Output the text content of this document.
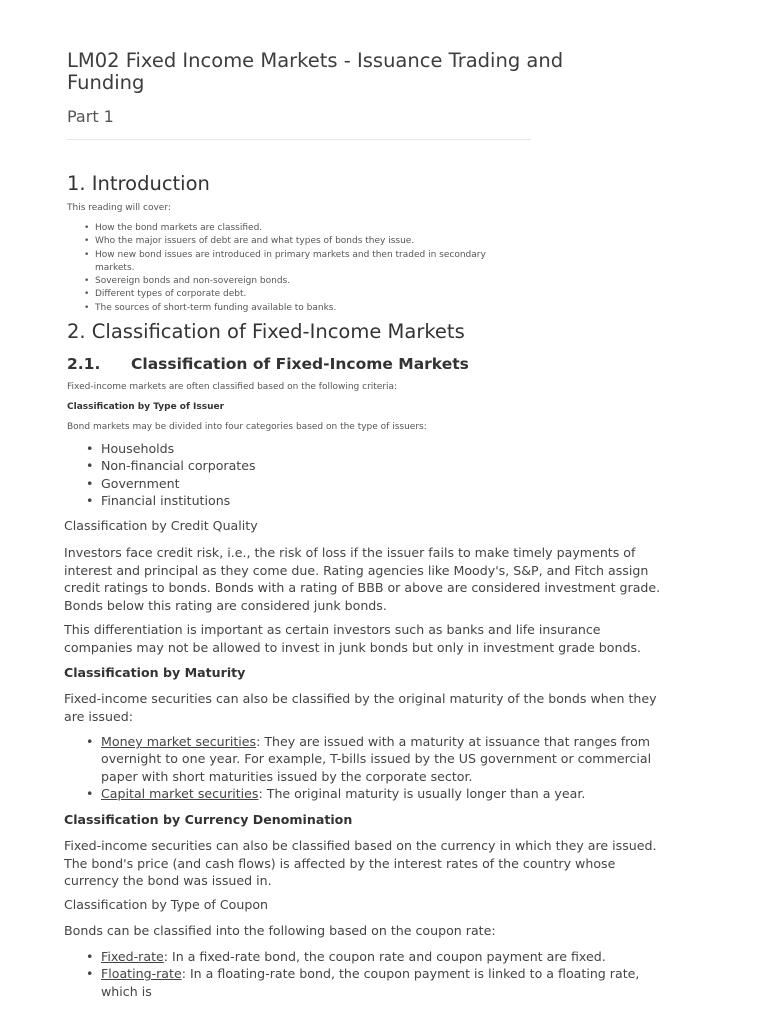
LM02 Fixed Income Markets - Issuance Trading and Funding
Part 1
1. Introduction

This reading will cover:

• How the bond markets are classified.
• Who the major issuers of debt are and what types of bonds they issue.
• How new bond issues are introduced in primary markets and then traded in secondary markets.
• Sovereign bonds and non-sovereign bonds.
• Different types of corporate debt.
• The sources of short-term funding available to banks.
2. Classification of Fixed-Income Markets
2.1. Classification of Fixed-Income Markets

Fixed-income markets are often classified based on the following criteria:

Classification by Type of Issuer

Bond markets may be divided into four categories based on the type of issuers:

• Households
• Non-financial corporates
• Government
• Financial institutions

Classification by Credit Quality

Investors face credit risk, i.e., the risk of loss if the issuer fails to make timely payments of interest and principal as they come due. Rating agencies like Moody's, S&P, and Fitch assign credit ratings to bonds. Bonds with a rating of BBB or above are considered investment grade. Bonds below this rating are considered junk bonds.

This differentiation is important as certain investors such as banks and life insurance companies may not be allowed to invest in junk bonds but only in investment grade bonds.

Classification by Maturity

Fixed-income securities can also be classified by the original maturity of the bonds when they are issued:

• Money market securities: They are issued with a maturity at issuance that ranges from overnight to one year. For example, T-bills issued by the US government or commercial paper with short maturities issued by the corporate sector.
• Capital market securities: The original maturity is usually longer than a year.

Classification by Currency Denomination

Fixed-income securities can also be classified based on the currency in which they are issued. The bond's price (and cash flows) is affected by the interest rates of the country whose currency the bond was issued in.

Classification by Type of Coupon

Bonds can be classified into the following based on the coupon rate:

• Fixed-rate: In a fixed-rate bond, the coupon rate and coupon payment are fixed.
• Floating-rate: In a floating-rate bond, the coupon payment is linked to a floating rate, which is
